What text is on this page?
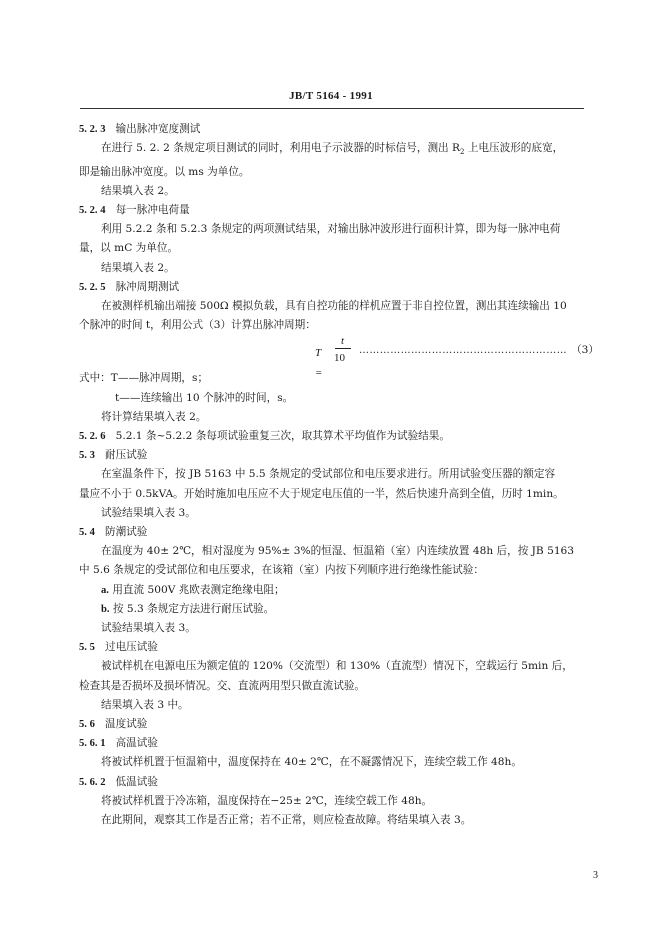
JB/T 5164 - 1991
5. 2. 3 输出脉冲宽度测试
在进行 5. 2. 2 条规定项目测试的同时，利用电子示波器的时标信号，测出 $R_2$ 上电压波形的底宽，
即是输出脉冲宽度。以 ms 为单位。
结果填入表 2。
5. 2. 4 每一脉冲电荷量
利用 5.2.2 条和 5.2.3 条规定的两项测试结果，对输出脉冲波形进行面积计算，即为每一脉冲电荷
量，以 mC 为单位。
结果填入表 2。
5. 2. 5 脉冲周期测试
在被测样机输出端接 500Ω 模拟负载，具有自控功能的样机应置于非自控位置，测出其连续输出 10
个脉冲的时间 t，利用公式（3）计算出脉冲周期：
T =
t
10
…………………………………………………… （3）
式中：T——脉冲周期，s；
t——连续输出 10 个脉冲的时间，s。
将计算结果填入表 2。
5. 2. 6 5.2.1 条~5.2.2 条每项试验重复三次，取其算术平均值作为试验结果。
5. 3 耐压试验
在室温条件下，按 JB 5163 中 5.5 条规定的受试部位和电压要求进行。所用试验变压器的额定容
量应不小于 0.5kVA。开始时施加电压应不大于规定电压值的一半，然后快速升高到全值，历时 1min。
试验结果填入表 3。
5. 4 防潮试验
在温度为 40± 2℃，相对湿度为 95%± 3%的恒湿、恒温箱（室）内连续放置 48h 后，按 JB 5163
中 5.6 条规定的受试部位和电压要求，在该箱（室）内按下列顺序进行绝缘性能试验：
a. 用直流 500V 兆欧表测定绝缘电阻；
b. 按 5.3 条规定方法进行耐压试验。
试验结果填入表 3。
5. 5 过电压试验
被试样机在电源电压为额定值的 120%（交流型）和 130%（直流型）情况下，空载运行 5min 后，
检查其是否损坏及损坏情况。交、直流两用型只做直流试验。
结果填入表 3 中。
5. 6 温度试验
5. 6. 1 高温试验
将被试样机置于恒温箱中，温度保持在 40± 2℃，在不凝露情况下，连续空载工作 48h。
5. 6. 2 低温试验
将被试样机置于冷冻箱，温度保持在−25± 2℃，连续空载工作 48h。
在此期间，观察其工作是否正常；若不正常，则应检查故障。将结果填入表 3。
3
